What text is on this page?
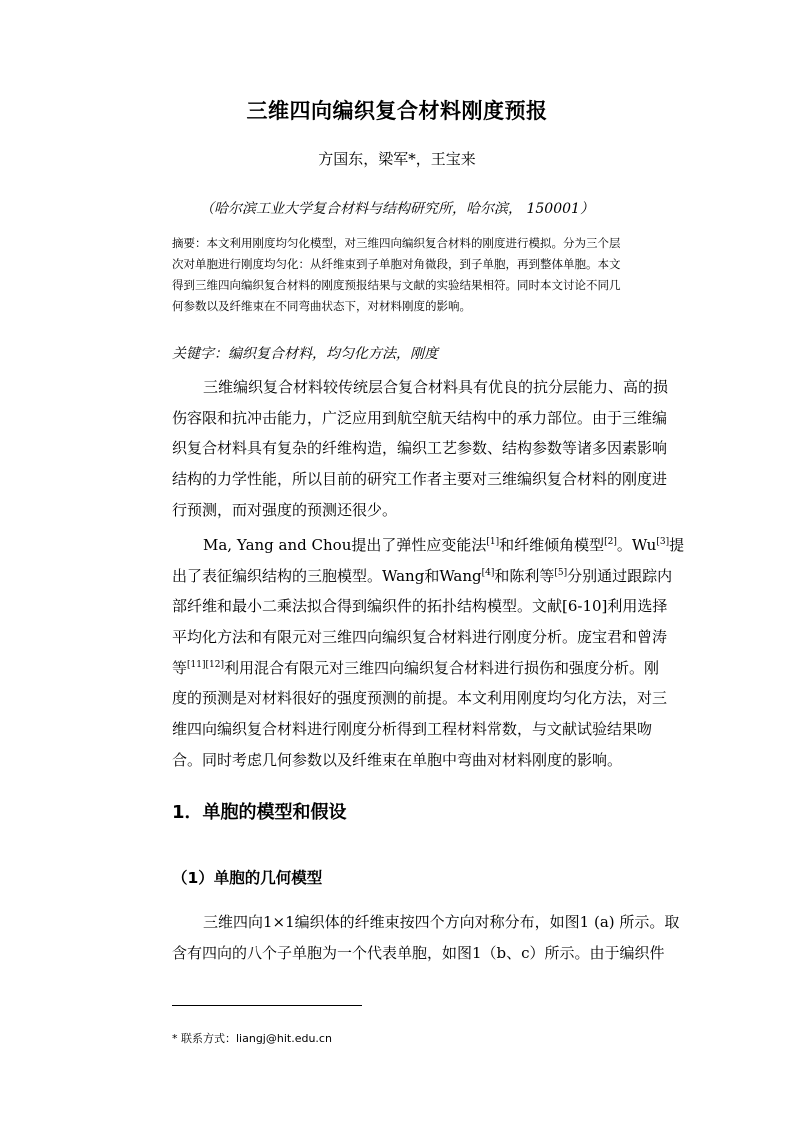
三维四向编织复合材料刚度预报
方国东，梁军*，王宝来
（哈尔滨工业大学复合材料与结构研究所，哈尔滨， 150001）
摘要：本文利用刚度均匀化模型，对三维四向编织复合材料的刚度进行模拟。分为三个层
次对单胞进行刚度均匀化：从纤维束到子单胞对角微段，到子单胞，再到整体单胞。本文
得到三维四向编织复合材料的刚度预报结果与文献的实验结果相符。同时本文讨论不同几
何参数以及纤维束在不同弯曲状态下，对材料刚度的影响。
关键字：编织复合材料，均匀化方法，刚度
三维编织复合材料较传统层合复合材料具有优良的抗分层能力、高的损
伤容限和抗冲击能力，广泛应用到航空航天结构中的承力部位。由于三维编
织复合材料具有复杂的纤维构造，编织工艺参数、结构参数等诸多因素影响
结构的力学性能，所以目前的研究工作者主要对三维编织复合材料的刚度进
行预测，而对强度的预测还很少。
Ma, Yang and Chou提出了弹性应变能法[1]和纤维倾角模型[2]。Wu[3]提
出了表征编织结构的三胞模型。Wang和Wang[4]和陈利等[5]分别通过跟踪内
部纤维和最小二乘法拟合得到编织件的拓扑结构模型。文献[6-10]利用选择
平均化方法和有限元对三维四向编织复合材料进行刚度分析。庞宝君和曾涛
等[11][12]利用混合有限元对三维四向编织复合材料进行损伤和强度分析。刚
度的预测是对材料很好的强度预测的前提。本文利用刚度均匀化方法，对三
维四向编织复合材料进行刚度分析得到工程材料常数，与文献试验结果吻
合。同时考虑几何参数以及纤维束在单胞中弯曲对材料刚度的影响。
1．单胞的模型和假设
（1）单胞的几何模型
三维四向1×1编织体的纤维束按四个方向对称分布，如图1 (a) 所示。取
含有四向的八个子单胞为一个代表单胞，如图1（b、c）所示。由于编织件
* 联系方式：liangj@hit.edu.cn
